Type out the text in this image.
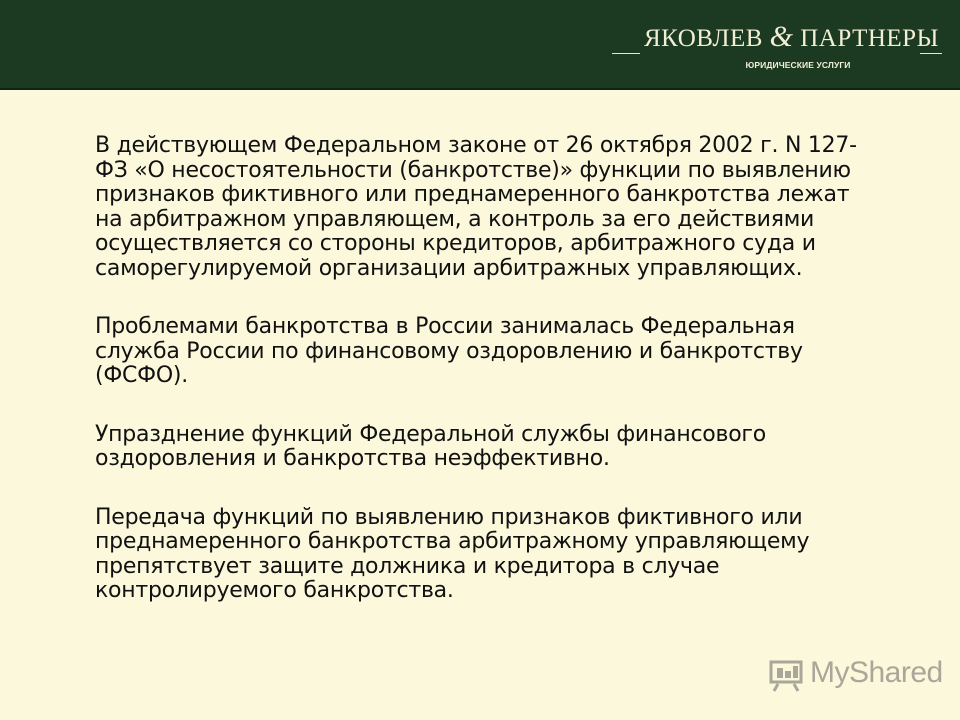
ЯКОВЛЕВ & ПАРТНЕРЫ
ЮРИДИЧЕСКИЕ УСЛУГИ

В действующем Федеральном законе от 26 октября 2002 г. N 127-ФЗ «О несостоятельности (банкротстве)» функции по выявлению признаков фиктивного или преднамеренного банкротства лежат на арбитражном управляющем, а контроль за его действиями осуществляется со стороны кредиторов, арбитражного суда и саморегулируемой организации арбитражных управляющих.

Проблемами банкротства в России занималась Федеральная служба России по финансовому оздоровлению и банкротству (ФСФО).

Упразднение функций Федеральной службы финансового оздоровления и банкротства неэффективно.

Передача функций по выявлению признаков фиктивного или преднамеренного банкротства арбитражному управляющему препятствует защите должника и кредитора в случае контролируемого банкротства.

MyShared
